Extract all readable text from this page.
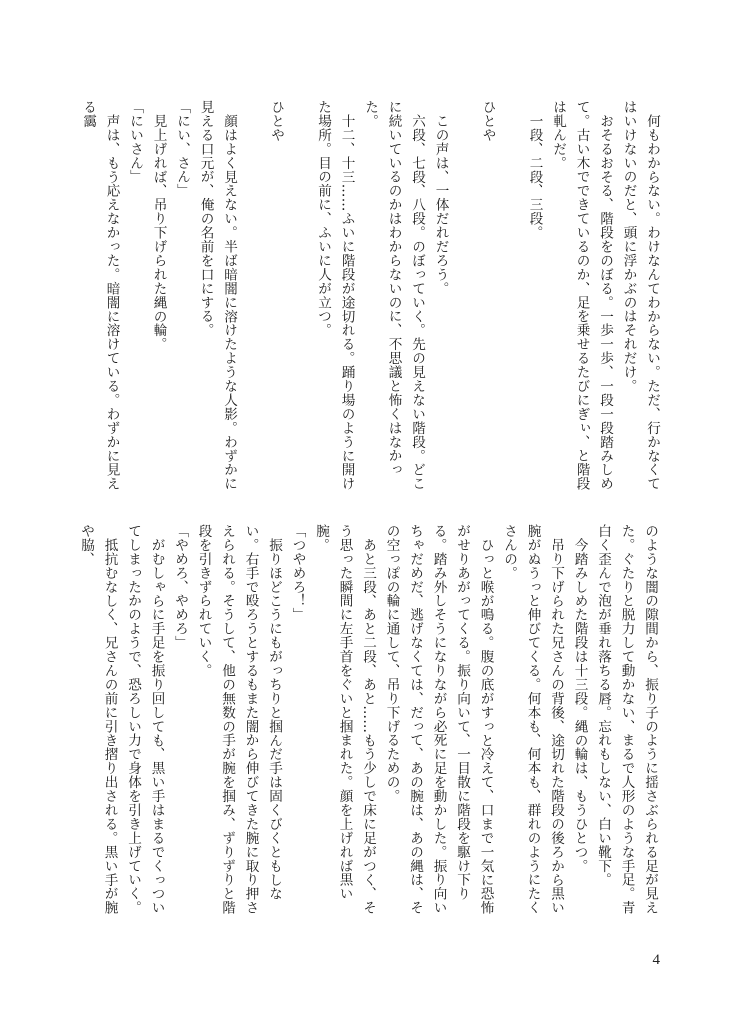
何もわからない。わけなんてわからない。ただ、行かなくてはいけないのだと、頭に浮かぶのはそれだけ。

おそるおそる、階段をのぼる。一歩一歩、一段一段踏みしめて。古い木でできているのか、足を乗せるたびにぎぃ、と階段は軋んだ。

一段、二段、三段。

ひとや

この声は、一体だれだろう。

六段、七段、八段。のぼっていく。先の見えない階段。どこに続いているのかはわからないのに、不思議と怖くはなかった。

十二、十三……ふいに階段が途切れる。踊り場のように開けた場所。目の前に、ふいに人が立つ。

ひとや

顔はよく見えない。半ば暗闇に溶けたような人影。わずかに見える口元が、俺の名前を口にする。

「にい、さん」

見上げれば、吊り下げられた縄の輪。

「にいさん」

声は、もう応えなかった。暗闇に溶けている。わずかに見える靄

のような闇の隙間から、振り子のように揺さぶられる足が見えた。ぐたりと脱力して動かない、まるで人形のような手足。青白く歪んで泡が垂れ落ちる唇。忘れもしない、白い靴下。

今踏みしめた階段は十三段。縄の輪は、もうひとつ。

吊り下げられた兄さんの背後、途切れた階段の後ろから黒い腕がぬうっと伸びてくる。何本も、何本も、群れのようにたくさんの。

ひっと喉が鳴る。腹の底がすっと冷えて、口まで一気に恐怖がせりあがってくる。振り向いて、一目散に階段を駆け下りる。踏み外しそうになりながら必死に足を動かした。振り向いちゃだめだ、逃げなくては、だって、あの腕は、あの縄は、その空っぽの輪に通して、吊り下げるための。

あと三段、あと二段、あと……もう少しで床に足がつく、そう思った瞬間に左手首をぐいと掴まれた。顔を上げれば黒い腕。

「つやめろ！」

振りほどこうにもがっちりと掴んだ手は固くびくともしない。右手で殴ろうとするもまた闇から伸びてきた腕に取り押さえられる。そうして、他の無数の手が腕を掴み、ずりずりと階段を引きずられていく。

「やめろ、やめろ」

がむしゃらに手足を振り回しても、黒い手はまるでくっついてしまったかのようで、恐ろしい力で身体を引き上げていく。

抵抗むなしく、兄さんの前に引き摺り出される。黒い手が腕や脇、

4
